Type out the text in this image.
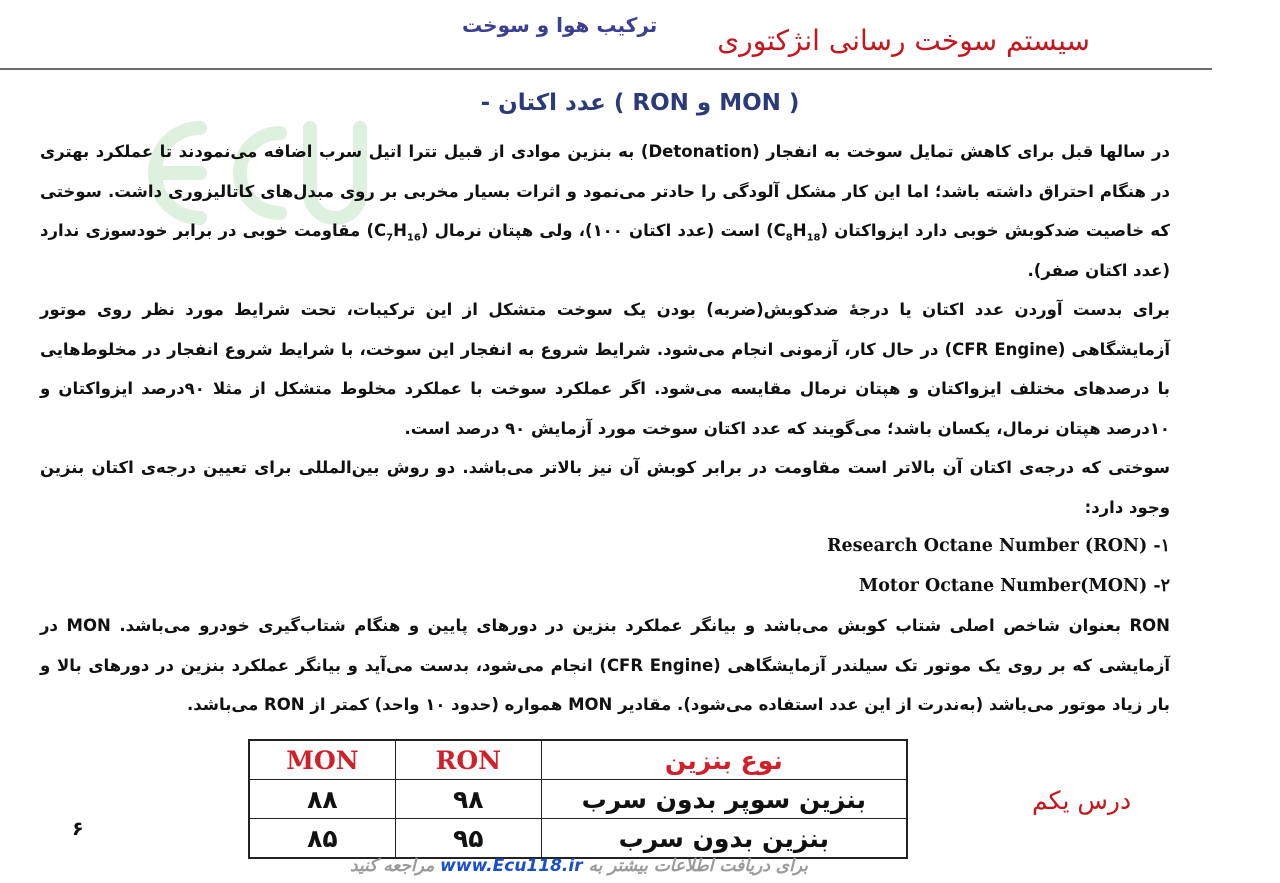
ترکیب هوا و سوخت سیستم سوخت رسانی انژکتوری
- عدد اکتان ( RON و MON )

در سالها قبل برای کاهش تمایل سوخت به انفجار (Detonation) به بنزین موادی از قبیل تترا اتیل سرب اضافه می‌نمودند تا عملکرد بهتری در هنگام احتراق داشته باشد؛ اما این کار مشکل آلودگی را حادتر می‌نمود و اثرات بسیار مخربی بر روی مبدل‌های کاتالیزوری داشت. سوختی که خاصیت ضدکوبش خوبی دارد ایزواکتان $(C_8H_{18})$ است (عدد اکتان ۱۰۰)، ولی هپتان نرمال $(C_7H_{16})$ مقاومت خوبی در برابر خودسوزی ندارد (عدد اکتان صفر).

برای بدست آوردن عدد اکتان یا درجهٔ ضدکوبش(ضربه) بودن یک سوخت متشکل از این ترکیبات، تحت شرایط مورد نظر روی موتور آزمایشگاهی (CFR Engine) در حال کار، آزمونی انجام می‌شود. شرایط شروع به انفجار این سوخت، با شرایط شروع انفجار در مخلوط‌هایی با درصدهای مختلف ایزواکتان و هپتان نرمال مقایسه می‌شود. اگر عملکرد سوخت با عملکرد مخلوط متشکل از مثلا ۹۰درصد ایزواکتان و ۱۰درصد هپتان نرمال، یکسان باشد؛ می‌گویند که عدد اکتان سوخت مورد آزمایش ۹۰ درصد است.

سوختی که درجه‌ی اکتان آن بالاتر است مقاومت در برابر کوبش آن نیز بالاتر می‌باشد. دو روش بین‌المللی برای تعیین درجه‌ی اکتان بنزین وجود دارد:

Research Octane Number (RON) -۱

Motor Octane Number(MON) -۲

RON بعنوان شاخص اصلی شتاب کوبش می‌باشد و بیانگر عملکرد بنزین در دورهای پایین و هنگام شتاب‌گیری خودرو می‌باشد. MON در آزمایشی که بر روی یک موتور تک سیلندر آزمایشگاهی (CFR Engine) انجام می‌شود، بدست می‌آید و بیانگر عملکرد بنزین در دورهای بالا و بار زیاد موتور می‌باشد (به‌ندرت از این عدد استفاده می‌شود). مقادیر MON همواره (حدود ۱۰ واحد) کمتر از RON می‌باشد.

نوع بنزین	RON	MON
بنزین سوپر بدون سرب	۹۸	۸۸
بنزین بدون سرب	۹۵	۸۵
درس یکم
۶
برای دریافت اطلاعات بیشتر به www.Ecu118.ir مراجعه کنید
